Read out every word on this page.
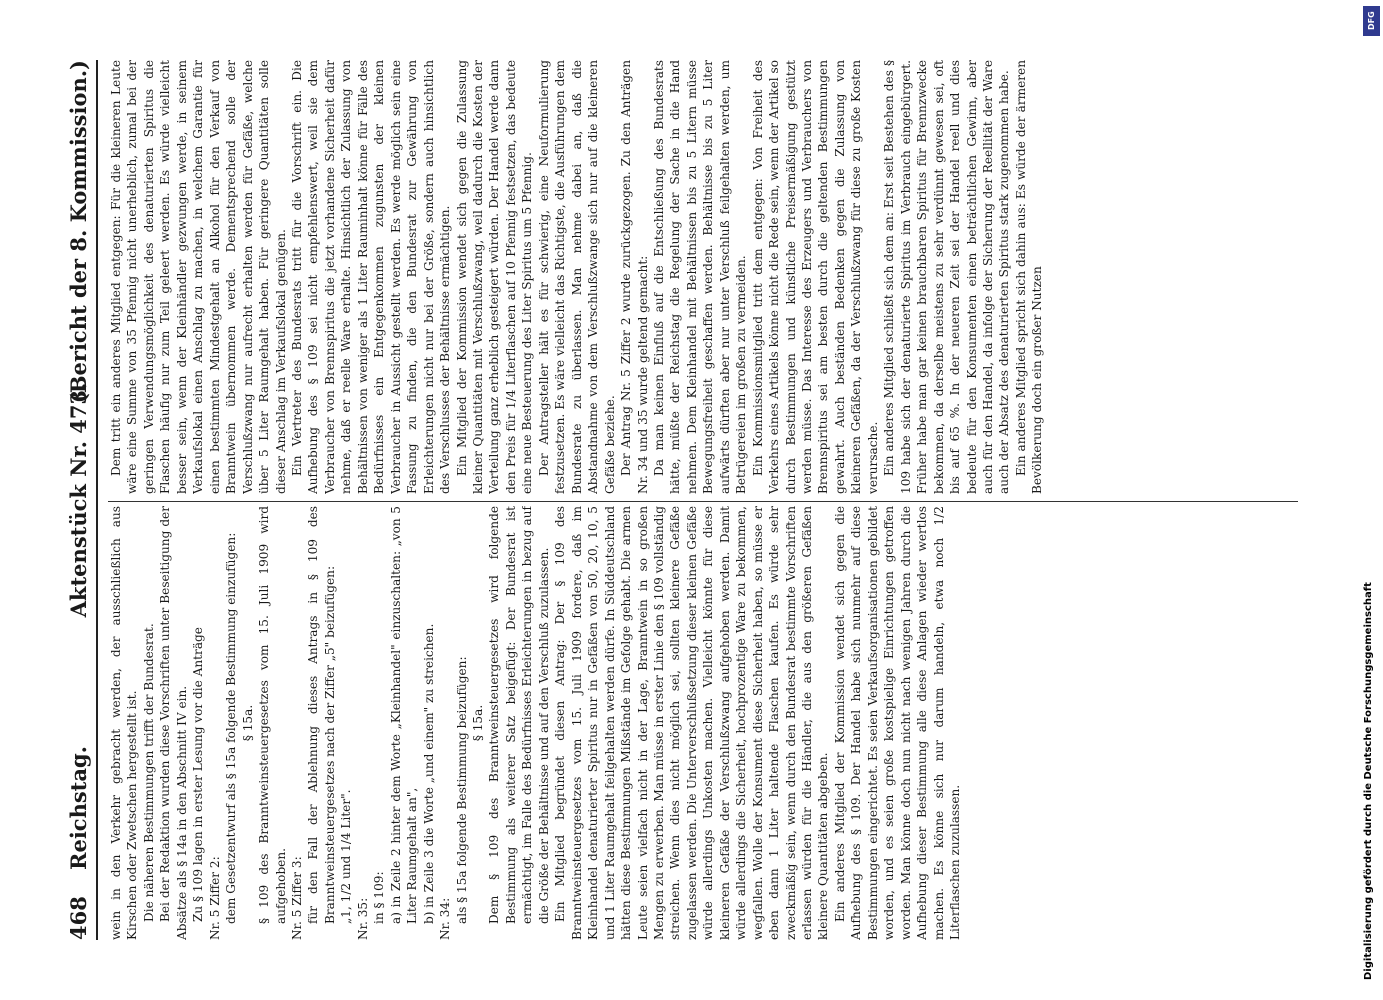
468
Reichstag.
Aktenstück Nr. 473.
(Bericht der 8. Kommission.)

wein in den Verkehr gebracht werden, der ausschließlich aus Kirschen oder Zwetschen hergestellt ist. Die näheren Bestimmungen trifft der Bundesrat. Bei der Redaktion wurden diese Vorschriften unter Beseitigung der Absätze als § 14a in den Abschnitt IV ein. Zu § 109 lagen in erster Lesung vor die Anträge Nr. 5 Ziffer 2: dem Gesetzentwurf als § 15a folgende Bestimmung einzufügen: § 15a. § 109 des Branntweinsteuergesetzes vom 15. Juli 1909 wird aufgehoben. Nr. 5 Ziffer 3: für den Fall der Ablehnung dieses Antrags in § 109 des Branntweinsteuergesetzes nach der Ziffer „5" beizufügen: „1, 1/2 und 1/4 Liter". Nr. 35: in § 109: a) in Zeile 2 hinter dem Worte „Kleinhandel" einzuschalten: „von 5 Liter Raumgehalt an", b) in Zeile 3 die Worte „und einem" zu streichen. Nr. 34: als § 15a folgende Bestimmung beizufügen: § 15a. Dem § 109 des Branntweinsteuergesetzes wird folgende Bestimmung als weiterer Satz beigefügt: Der Bundesrat ist ermächtigt, im Falle des Bedürfnisses Erleichterungen in bezug auf die Größe der Behältnisse und auf den Verschluß zuzulassen. Ein Mitglied begründet diesen Antrag: Der § 109 des Branntweinsteuergesetzes vom 15. Juli 1909 fordere, daß im Kleinhandel denaturierter Spiritus nur in Gefäßen von 50, 20, 10, 5 und 1 Liter Raumgehalt feilgehalten werden dürfe. In Süddeutschland hätten diese Bestimmungen Mißstände im Gefolge gehabt. Die armen Leute seien vielfach nicht in der Lage, Branntwein in so großen Mengen zu erwerben. Man müsse in erster Linie den § 109 vollständig streichen. Wenn dies nicht möglich sei, sollten kleinere Gefäße zugelassen werden. Die Unterverschlußsetzung dieser kleinen Gefäße würde allerdings Unkosten machen. Vielleicht könnte für diese kleineren Gefäße der Verschlußzwang aufgehoben werden. Damit würde allerdings die Sicherheit, hochprozentige Ware zu bekommen, wegfallen. Wolle der Konsument diese Sicherheit haben, so müsse er eben dann 1 Liter haltende Flaschen kaufen. Es würde sehr zweckmäßig sein, wenn durch den Bundesrat bestimmte Vorschriften erlassen würden für die Händler, die aus den größeren Gefäßen kleinere Quantitäten abgeben. Ein anderes Mitglied der Kommission wendet sich gegen die Aufhebung des § 109. Der Handel habe sich nunmehr auf diese Bestimmungen eingerichtet. Es seien Verkaufsorganisationen gebildet worden, und es seien große kostspielige Einrichtungen getroffen worden. Man könne doch nun nicht nach wenigen Jahren durch die Aufhebung dieser Bestimmung alle diese Anlagen wieder wertlos machen. Es könne sich nur darum handeln, etwa noch 1/2 Literflaschen zuzulassen.

Dem tritt ein anderes Mitglied entgegen: Für die kleineren Leute wäre eine Summe von 35 Pfennig nicht unerheblich, zumal bei der geringen Verwendungsmöglichkeit des denaturierten Spiritus die Flaschen häufig nur zum Teil geleert werden. Es würde vielleicht besser sein, wenn der Kleinhändler gezwungen werde, in seinem Verkaufslokal einen Anschlag zu machen, in welchem Garantie für einen bestimmten Mindestgehalt an Alkohol für den Verkauf von Branntwein übernommen werde. Dementsprechend solle der Verschlußzwang nur aufrecht erhalten werden für Gefäße, welche über 5 Liter Raumgehalt haben. Für geringere Quantitäten solle dieser Anschlag im Verkaufslokal genügen. Ein Vertreter des Bundesrats tritt für die Vorschrift ein. Die Aufhebung des § 109 sei nicht empfehlenswert, weil sie dem Verbraucher von Brennspiritus die jetzt vorhandene Sicherheit dafür nehme, daß er reelle Ware erhalte. Hinsichtlich der Zulassung von Behältnissen von weniger als 1 Liter Rauminhalt könne für Fälle des Bedürfnisses ein Entgegenkommen zugunsten der kleinen Verbraucher in Aussicht gestellt werden. Es werde möglich sein eine Fassung zu finden, die den Bundesrat zur Gewährung von Erleichterungen nicht nur bei der Größe, sondern auch hinsichtlich des Verschlusses der Behältnisse ermächtigen. Ein Mitglied der Kommission wendet sich gegen die Zulassung kleiner Quantitäten mit Verschlußzwang, weil dadurch die Kosten der Verteilung ganz erheblich gesteigert würden. Der Handel werde dann den Preis für 1/4 Literflaschen auf 10 Pfennig festsetzen, das bedeute eine neue Besteuerung des Liter Spiritus um 5 Pfennig. Der Antragsteller hält es für schwierig, eine Neuformulierung festzusetzen. Es wäre vielleicht das Richtigste, die Ausführungen dem Bundesrate zu überlassen. Man nehme dabei an, daß die Abstandnahme von dem Verschlußzwange sich nur auf die kleineren Gefäße beziehe. Der Antrag Nr. 5 Ziffer 2 wurde zurückgezogen. Zu den Anträgen Nr. 34 und 35 wurde geltend gemacht: Da man keinen Einfluß auf die Entschließung des Bundesrats hätte, müßte der Reichstag die Regelung der Sache in die Hand nehmen. Dem Kleinhandel mit Behältnissen bis zu 5 Litern müsse Bewegungsfreiheit geschaffen werden. Behältnisse bis zu 5 Liter aufwärts dürften aber nur unter Verschluß feilgehalten werden, um Betrügereien im großen zu vermeiden. Ein Kommissionsmitglied tritt dem entgegen: Von Freiheit des Verkehrs eines Artikels könne nicht die Rede sein, wenn der Artikel so durch Bestimmungen und künstliche Preisermäßigung gestützt werden müsse. Das Interesse des Erzeugers und Verbrauchers von Brennspiritus sei am besten durch die geltenden Bestimmungen gewahrt. Auch beständen Bedenken gegen die Zulassung von kleineren Gefäßen, da der Verschlußzwang für diese zu große Kosten verursache. Ein anderes Mitglied schließt sich dem an: Erst seit Bestehen des § 109 habe sich der denaturierte Spiritus im Verbrauch eingebürgert. Früher habe man gar keinen brauchbaren Spiritus für Brennzwecke bekommen, da derselbe meistens zu sehr verdünnt gewesen sei, oft bis auf 65 %. In der neueren Zeit sei der Handel reell und dies bedeute für den Konsumenten einen beträchtlichen Gewinn, aber auch für den Handel, da infolge der Sicherung der Reellität der Ware auch der Absatz des denaturierten Spiritus stark zugenommen habe. Ein anderes Mitglied spricht sich dahin aus: Es würde der ärmeren Bevölkerung doch ein großer Nutzen

DFG
Digitalisierung gefördert durch die Deutsche Forschungsgemeinschaft
